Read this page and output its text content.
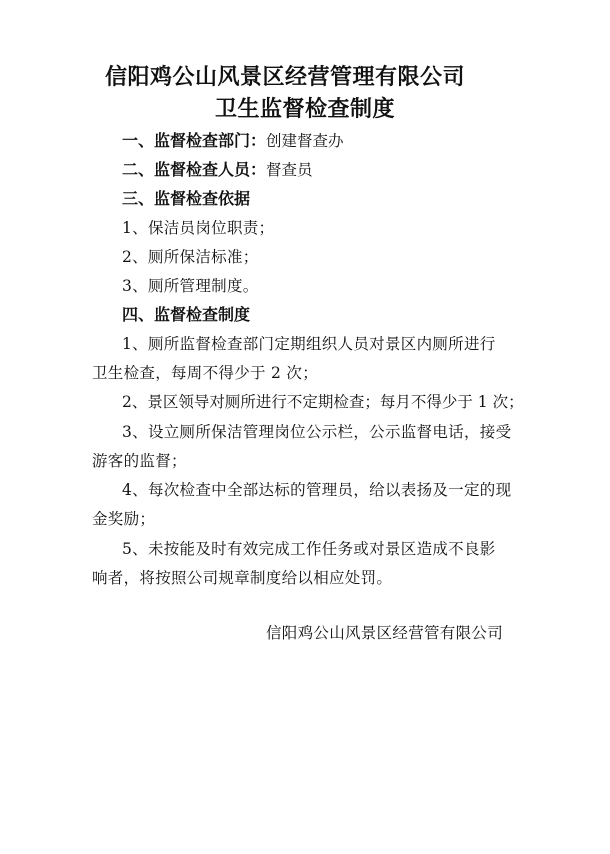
信阳鸡公山风景区经营管理有限公司
卫生监督检查制度
一、监督检查部门：创建督查办
二、监督检查人员：督查员
三、监督检查依据
1、保洁员岗位职责；
2、厕所保洁标准；
3、厕所管理制度。
四、监督检查制度
1、厕所监督检查部门定期组织人员对景区内厕所进行
卫生检查，每周不得少于 2 次；
2、景区领导对厕所进行不定期检查；每月不得少于 1 次；
3、设立厕所保洁管理岗位公示栏，公示监督电话，接受
游客的监督；
4、每次检查中全部达标的管理员，给以表扬及一定的现
金奖励；
5、未按能及时有效完成工作任务或对景区造成不良影
响者，将按照公司规章制度给以相应处罚。
信阳鸡公山风景区经营管有限公司
